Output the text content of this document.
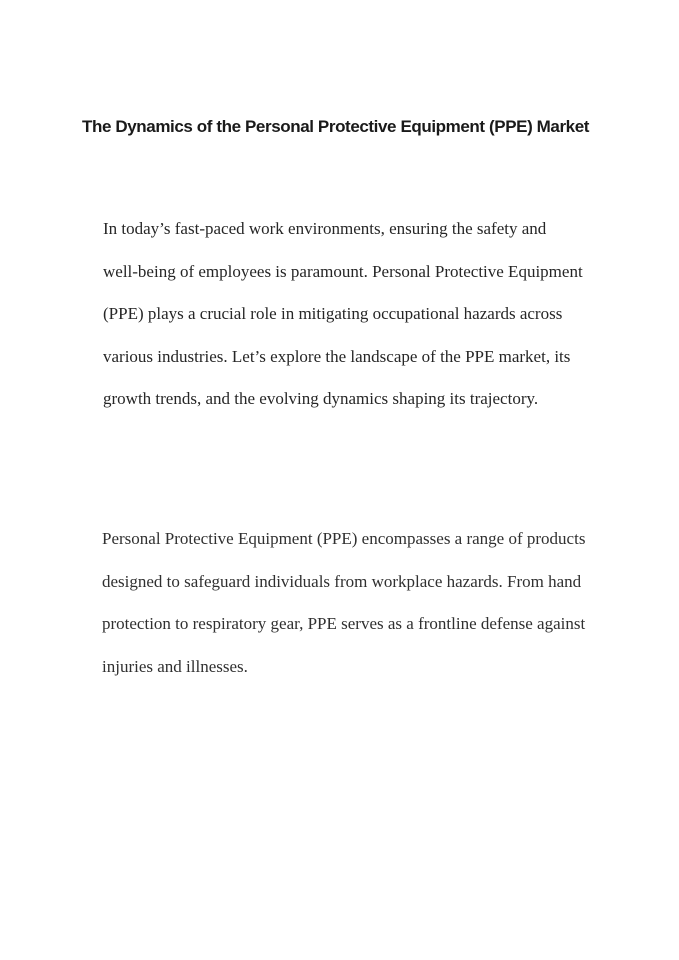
The Dynamics of the Personal Protective Equipment (PPE) Market

In today’s fast-paced work environments, ensuring the safety and well-being of employees is paramount. Personal Protective Equipment (PPE) plays a crucial role in mitigating occupational hazards across various industries. Let’s explore the landscape of the PPE market, its growth trends, and the evolving dynamics shaping its trajectory.

Personal Protective Equipment (PPE) encompasses a range of products designed to safeguard individuals from workplace hazards. From hand protection to respiratory gear, PPE serves as a frontline defense against injuries and illnesses.
